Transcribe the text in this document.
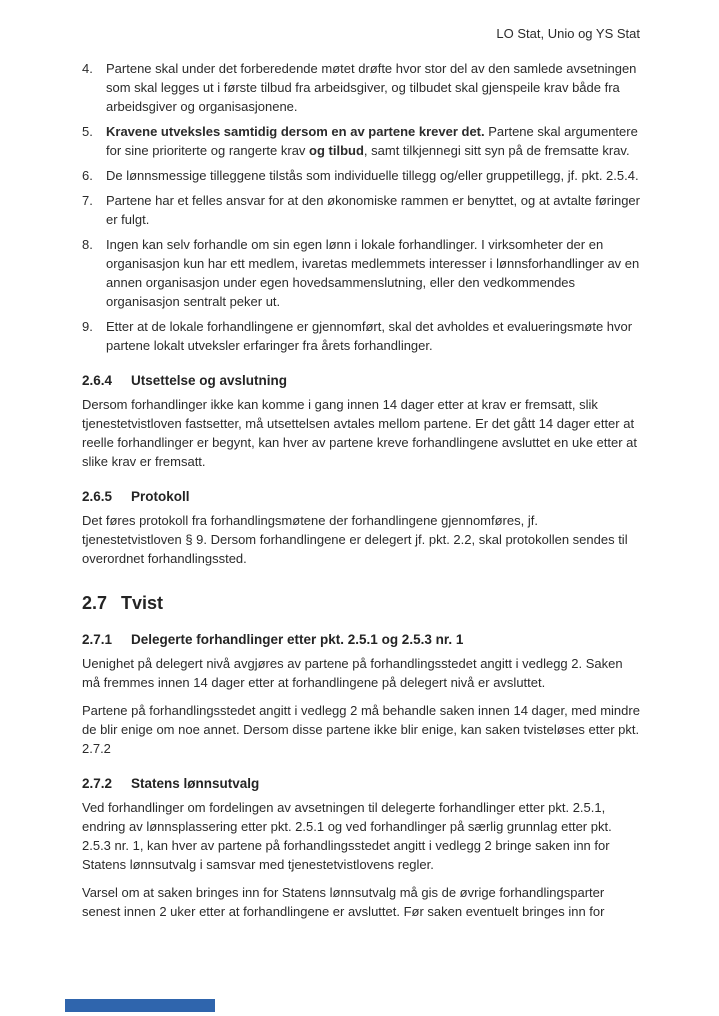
LO Stat, Unio og YS Stat
4.	Partene skal under det forberedende møtet drøfte hvor stor del av den samlede avsetningen som skal legges ut i første tilbud fra arbeidsgiver, og tilbudet skal gjenspeile krav både fra arbeidsgiver og organisasjonene.
5.	Kravene utveksles samtidig dersom en av partene krever det. Partene skal argumentere for sine prioriterte og rangerte krav og tilbud, samt tilkjennegi sitt syn på de fremsatte krav.
6.	De lønnsmessige tilleggene tilstås som individuelle tillegg og/eller gruppetillegg, jf. pkt. 2.5.4.
7.	Partene har et felles ansvar for at den økonomiske rammen er benyttet, og at avtalte føringer er fulgt.
8.	Ingen kan selv forhandle om sin egen lønn i lokale forhandlinger. I virksomheter der en organisasjon kun har ett medlem, ivaretas medlemmets interesser i lønnsforhandlinger av en annen organisasjon under egen hovedsammenslutning, eller den vedkommendes organisasjon sentralt peker ut.
9.	Etter at de lokale forhandlingene er gjennomført, skal det avholdes et evalueringsmøte hvor partene lokalt utveksler erfaringer fra årets forhandlinger.
2.6.4 Utsettelse og avslutning

Dersom forhandlinger ikke kan komme i gang innen 14 dager etter at krav er fremsatt, slik tjenestetvistloven fastsetter, må utsettelsen avtales mellom partene. Er det gått 14 dager etter at reelle forhandlinger er begynt, kan hver av partene kreve forhandlingene avsluttet en uke etter at slike krav er fremsatt.

2.6.5 Protokoll

Det føres protokoll fra forhandlingsmøtene der forhandlingene gjennomføres, jf. tjenestetvistloven § 9. Dersom forhandlingene er delegert jf. pkt. 2.2, skal protokollen sendes til overordnet forhandlingssted.

2.7 Tvist
2.7.1 Delegerte forhandlinger etter pkt. 2.5.1 og 2.5.3 nr. 1

Uenighet på delegert nivå avgjøres av partene på forhandlingsstedet angitt i vedlegg 2. Saken må fremmes innen 14 dager etter at forhandlingene på delegert nivå er avsluttet.

Partene på forhandlingsstedet angitt i vedlegg 2 må behandle saken innen 14 dager, med mindre de blir enige om noe annet. Dersom disse partene ikke blir enige, kan saken tvisteløses etter pkt. 2.7.2

2.7.2 Statens lønnsutvalg

Ved forhandlinger om fordelingen av avsetningen til delegerte forhandlinger etter pkt. 2.5.1, endring av lønnsplassering etter pkt. 2.5.1 og ved forhandlinger på særlig grunnlag etter pkt. 2.5.3 nr. 1, kan hver av partene på forhandlingsstedet angitt i vedlegg 2 bringe saken inn for Statens lønnsutvalg i samsvar med tjenestetvistlovens regler.

Varsel om at saken bringes inn for Statens lønnsutvalg må gis de øvrige forhandlingsparter senest innen 2 uker etter at forhandlingene er avsluttet. Før saken eventuelt bringes inn for
